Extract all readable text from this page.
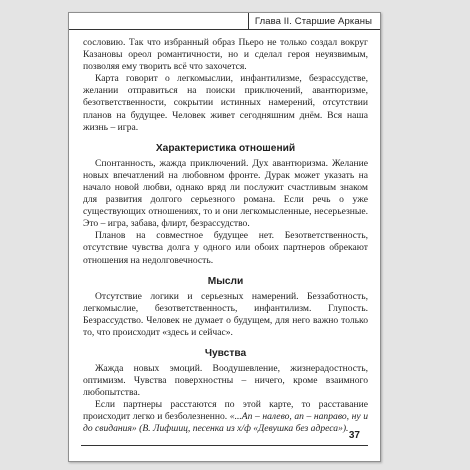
Глава II. Старшие Арканы

сословию. Так что избранный образ Пьеро не только создал вокруг Казановы ореол романтичности, но и сделал героя неуязвимым, позволяя ему творить всё что захочется.

Карта говорит о легкомыслии, инфантилизме, безрассудстве, желании отправиться на поиски приключений, авантюризме, безответственности, сокрытии истинных намерений, отсутствии планов на будущее. Человек живет сегодняшним днём. Вся наша жизнь – игра.

Характеристика отношений

Спонтанность, жажда приключений. Дух авантюризма. Желание новых впечатлений на любовном фронте. Дурак может указать на начало новой любви, однако вряд ли послужит счастливым знаком для развития долгого серьезного романа. Если речь о уже существующих отношениях, то и они легкомысленные, несерьезные. Это – игра, забава, флирт, безрассудство.

Планов на совместное будущее нет. Безответственность, отсутствие чувства долга у одного или обоих партнеров обрекают отношения на недолговечность.

Мысли

Отсутствие логики и серьезных намерений. Беззаботность, легкомыслие, безответственность, инфантилизм. Глупость. Безрассудство. Человек не думает о будущем, для него важно только то, что происходит «здесь и сейчас».

Чувства

Жажда новых эмоций. Воодушевление, жизнерадостность, оптимизм. Чувства поверхностны – ничего, кроме взаимного любопытства.

Если партнеры расстаются по этой карте, то расставание происходит легко и безболезненно. «...Ап – налево, ап – направо, ну и до свидания» (В. Лифшиц, песенка из х/ф «Девушка без адреса»).

37
